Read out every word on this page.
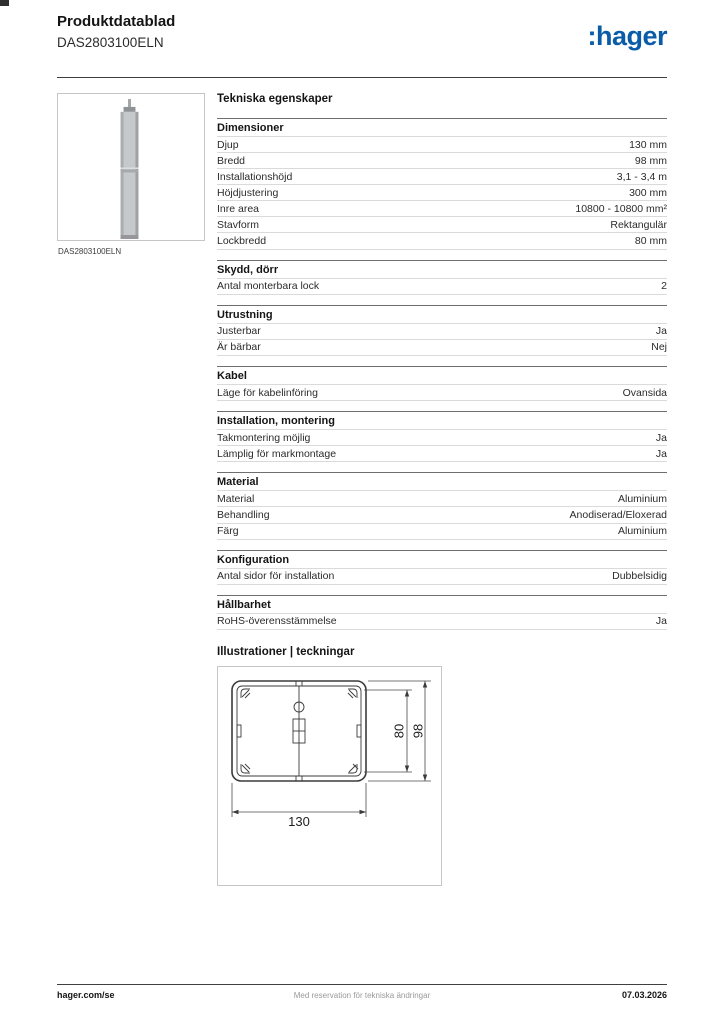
Produktdatablad
DAS2803100ELN	:hager
DAS2803100ELN
Tekniska egenskaper
Dimensioner
Djup	130 mm
Bredd	98 mm
Installationshöjd	3,1 - 3,4 m
Höjdjustering	300 mm
Inre area	10800 - 10800 mm²
Stavform	Rektangulär
Lockbredd	80 mm
Skydd, dörr
Antal monterbara lock	2
Utrustning
Justerbar	Ja
Är bärbar	Nej
Kabel
Läge för kabelinföring	Ovansida
Installation, montering
Takmontering möjlig	Ja
Lämplig för markmontage	Ja
Material
Material	Aluminium
Behandling	Anodiserad/Eloxerad
Färg	Aluminium
Konfiguration
Antal sidor för installation	Dubbelsidig
Hållbarhet
RoHS-överensstämmelse	Ja
Illustrationer | teckningar
80 98
130
hager.com/se	Med reservation för tekniska ändringar	07.03.2026
